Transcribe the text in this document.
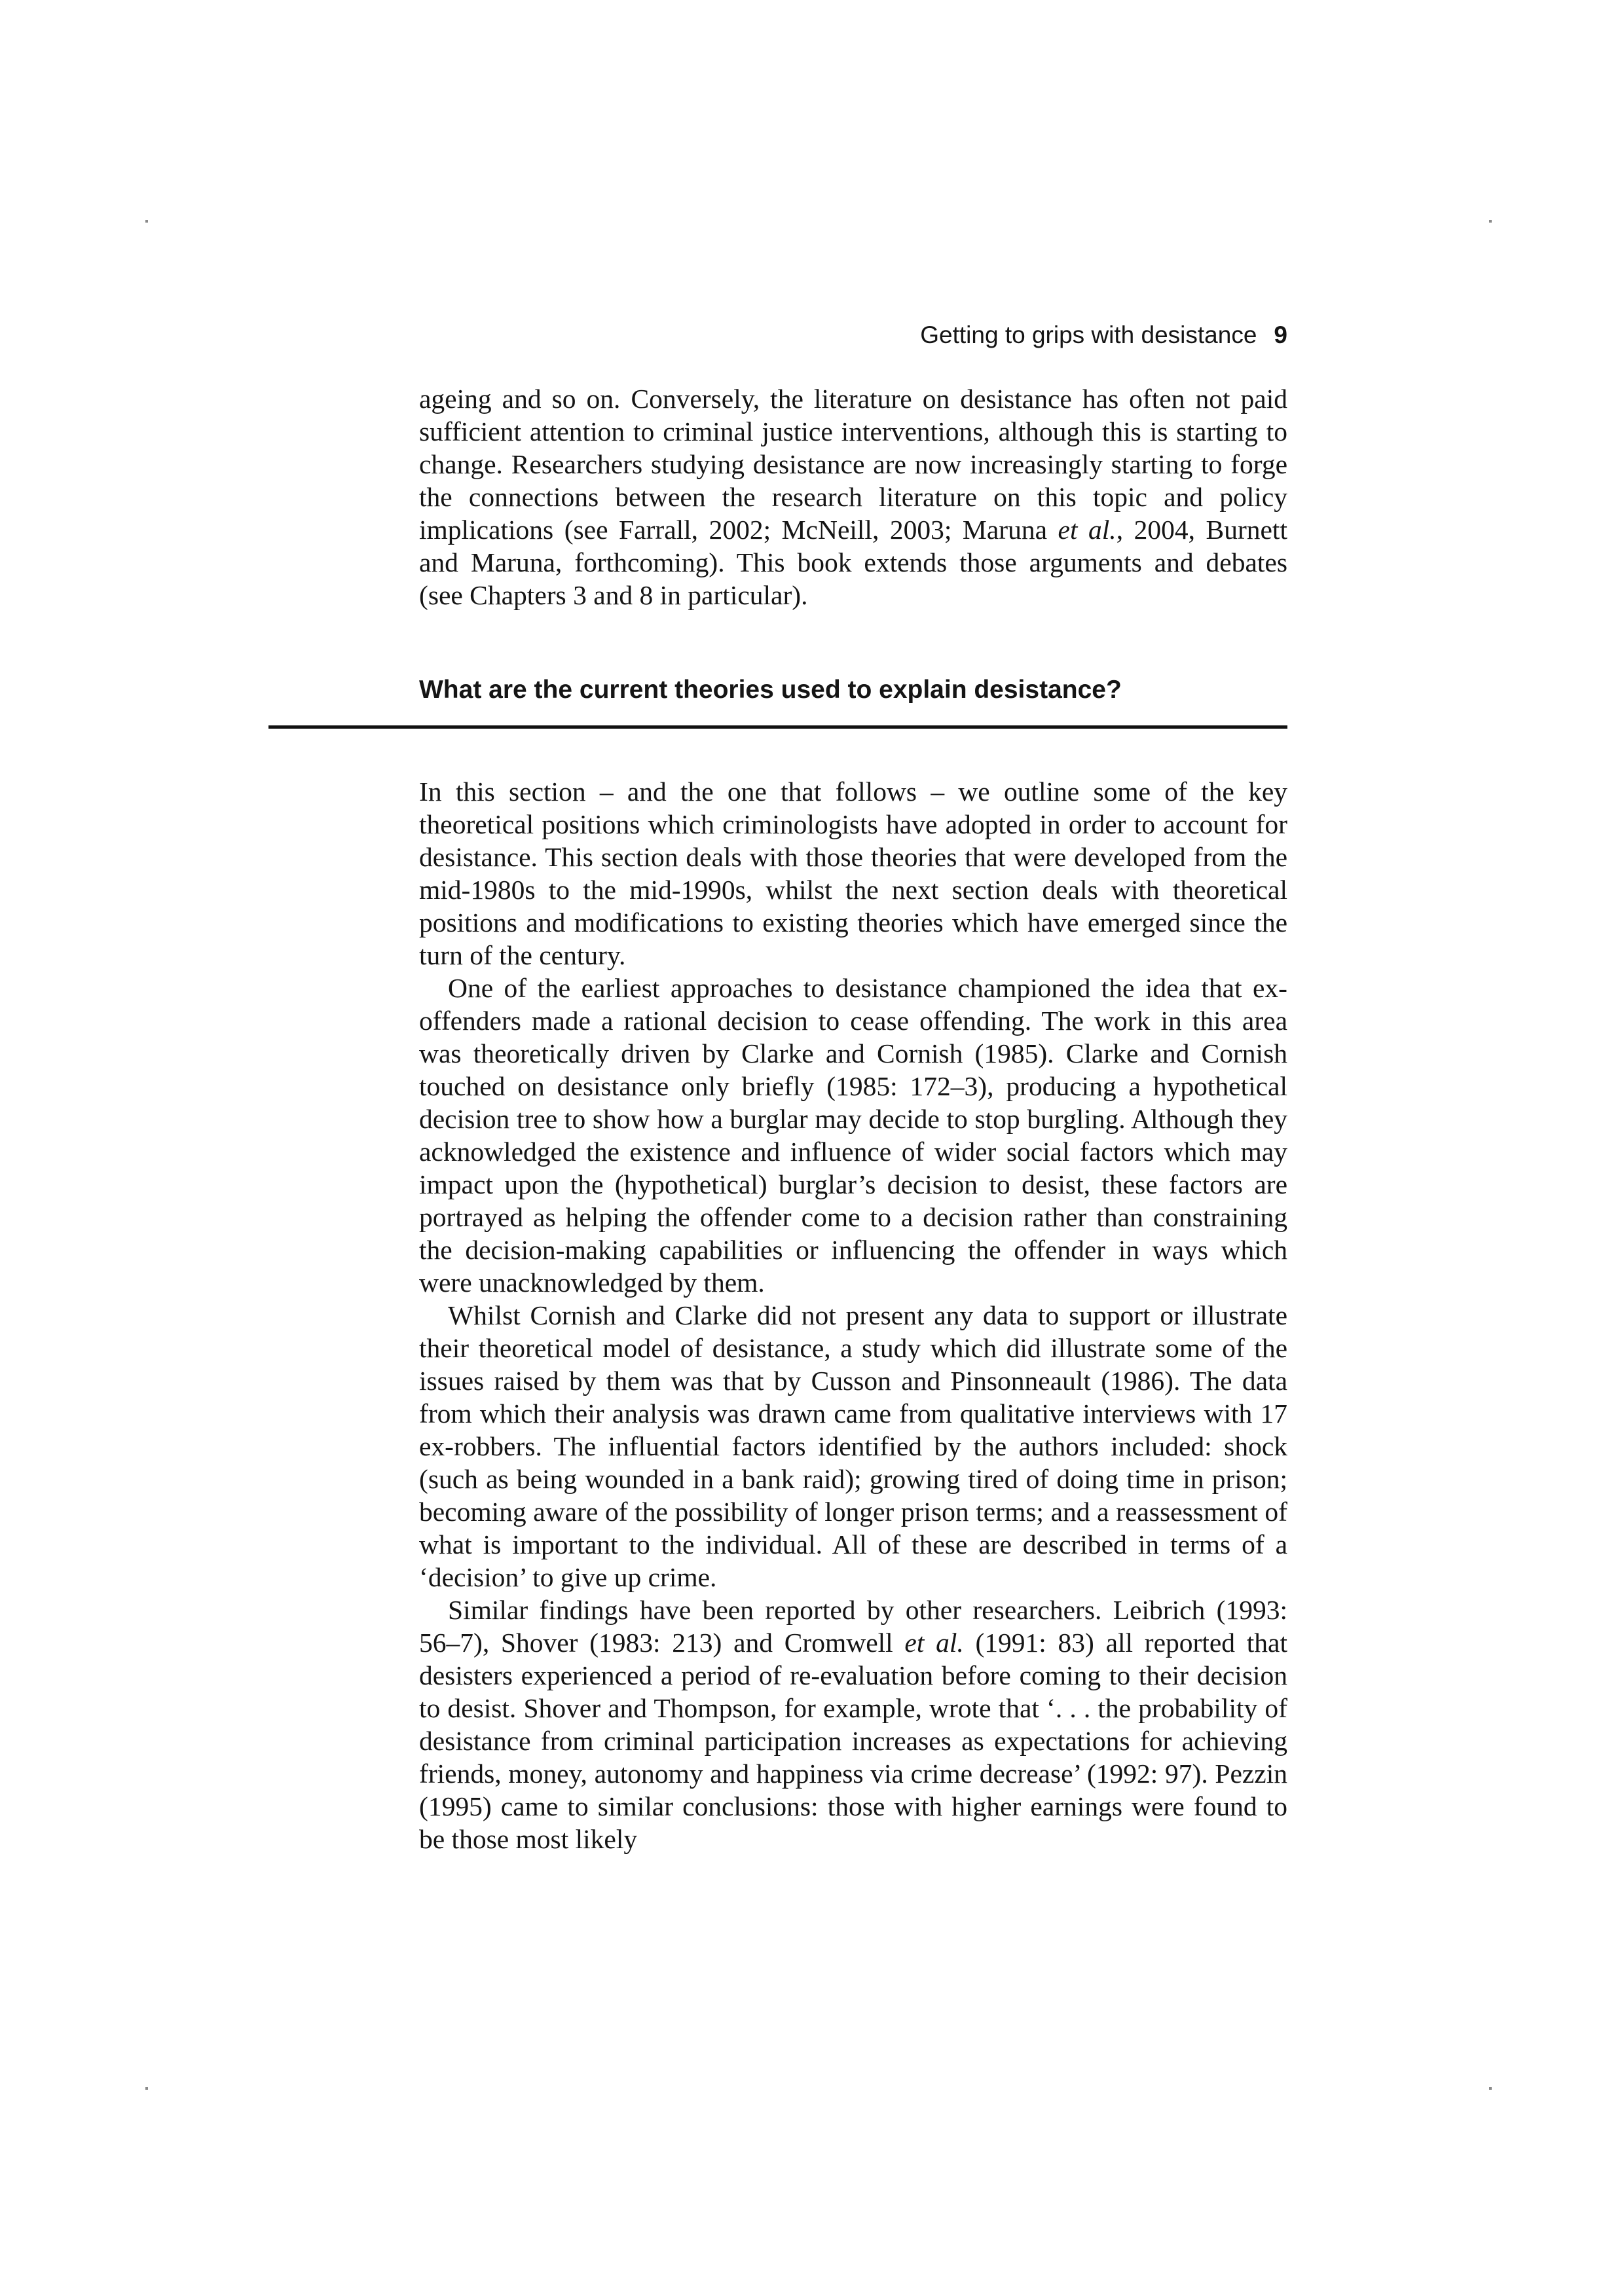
Getting to grips with desistance 9

ageing and so on. Conversely, the literature on desistance has often not paid sufficient attention to criminal justice interventions, although this is starting to change. Researchers studying desistance are now increasingly starting to forge the connections between the research literature on this topic and policy implications (see Farrall, 2002; McNeill, 2003; Maruna et al., 2004, Burnett and Maruna, forthcoming). This book extends those arguments and debates (see Chapters 3 and 8 in particular).

What are the current theories used to explain desistance?

In this section – and the one that follows – we outline some of the key theoretical positions which criminologists have adopted in order to account for desistance. This section deals with those theories that were developed from the mid-1980s to the mid-1990s, whilst the next section deals with theoretical positions and modifications to existing theories which have emerged since the turn of the century.

One of the earliest approaches to desistance championed the idea that ex-offenders made a rational decision to cease offending. The work in this area was theoretically driven by Clarke and Cornish (1985). Clarke and Cornish touched on desistance only briefly (1985: 172–3), producing a hypothetical decision tree to show how a burglar may decide to stop burgling. Although they acknowledged the existence and influence of wider social factors which may impact upon the (hypothetical) burglar’s decision to desist, these factors are portrayed as helping the offender come to a decision rather than constraining the decision-making capabilities or influencing the offender in ways which were unacknowledged by them.

Whilst Cornish and Clarke did not present any data to support or illustrate their theoretical model of desistance, a study which did illustrate some of the issues raised by them was that by Cusson and Pinsonneault (1986). The data from which their analysis was drawn came from qualitative interviews with 17 ex-robbers. The influential factors identified by the authors included: shock (such as being wounded in a bank raid); growing tired of doing time in prison; becoming aware of the possibility of longer prison terms; and a reassessment of what is important to the individual. All of these are described in terms of a ‘decision’ to give up crime.

Similar findings have been reported by other researchers. Leibrich (1993: 56–7), Shover (1983: 213) and Cromwell et al. (1991: 83) all reported that desisters experienced a period of re-evaluation before coming to their decision to desist. Shover and Thompson, for example, wrote that ‘. . . the probability of desistance from criminal participation increases as expectations for achieving friends, money, autonomy and happiness via crime decrease’ (1992: 97). Pezzin (1995) came to similar conclusions: those with higher earnings were found to be those most likely
